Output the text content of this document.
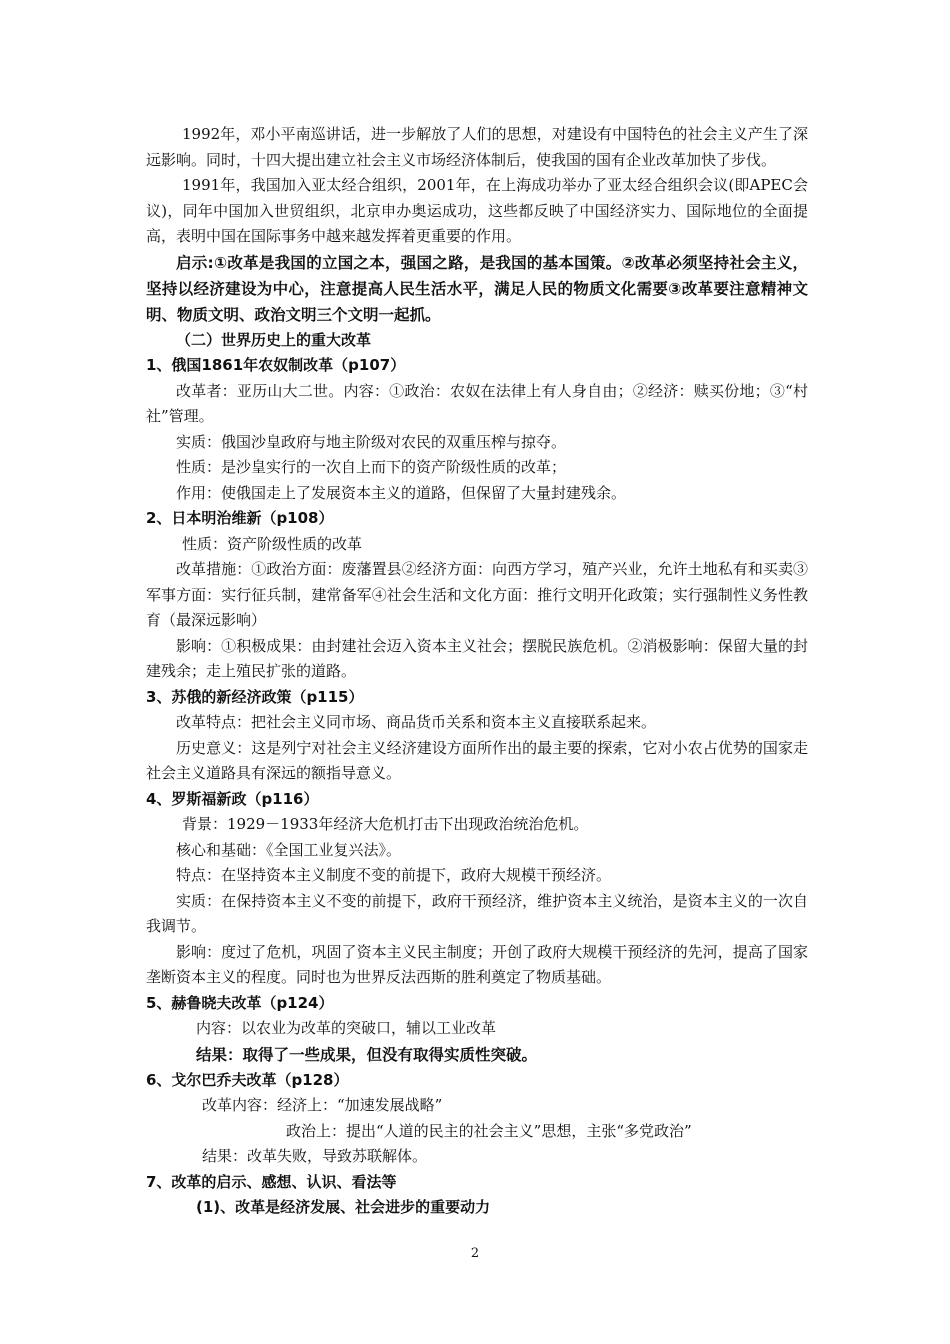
1992年，邓小平南巡讲话，进一步解放了人们的思想，对建设有中国特色的社会主义产生了深远影响。同时，十四大提出建立社会主义市场经济体制后，使我国的国有企业改革加快了步伐。

1991年，我国加入亚太经合组织，2001年，在上海成功举办了亚太经合组织会议(即APEC会议)，同年中国加入世贸组织，北京申办奥运成功，这些都反映了中国经济实力、国际地位的全面提高，表明中国在国际事务中越来越发挥着更重要的作用。

启示:①改革是我国的立国之本，强国之路，是我国的基本国策。②改革必须坚持社会主义，坚持以经济建设为中心，注意提高人民生活水平，满足人民的物质文化需要③改革要注意精神文明、物质文明、政治文明三个文明一起抓。

（二）世界历史上的重大改革

1、俄国1861年农奴制改革（p107）

改革者：亚历山大二世。内容：①政治：农奴在法律上有人身自由；②经济：赎买份地；③“村社”管理。

实质：俄国沙皇政府与地主阶级对农民的双重压榨与掠夺。

性质：是沙皇实行的一次自上而下的资产阶级性质的改革；

作用：使俄国走上了发展资本主义的道路，但保留了大量封建残余。

2、日本明治维新（p108）

性质：资产阶级性质的改革

改革措施：①政治方面：废藩置县②经济方面：向西方学习，殖产兴业，允许土地私有和买卖③军事方面：实行征兵制，建常备军④社会生活和文化方面：推行文明开化政策；实行强制性义务性教育（最深远影响）

影响：①积极成果：由封建社会迈入资本主义社会；摆脱民族危机。②消极影响：保留大量的封建残余；走上殖民扩张的道路。

3、苏俄的新经济政策（p115）

改革特点：把社会主义同市场、商品货币关系和资本主义直接联系起来。

历史意义：这是列宁对社会主义经济建设方面所作出的最主要的探索，它对小农占优势的国家走社会主义道路具有深远的额指导意义。

4、罗斯福新政（p116）

背景：1929－1933年经济大危机打击下出现政治统治危机。

核心和基础：《全国工业复兴法》。

特点：在坚持资本主义制度不变的前提下，政府大规模干预经济。

实质：在保持资本主义不变的前提下，政府干预经济，维护资本主义统治，是资本主义的一次自我调节。

影响：度过了危机，巩固了资本主义民主制度；开创了政府大规模干预经济的先河，提高了国家垄断资本主义的程度。同时也为世界反法西斯的胜利奠定了物质基础。

5、赫鲁晓夫改革（p124）

内容：以农业为改革的突破口，辅以工业改革

结果：取得了一些成果，但没有取得实质性突破。

6、戈尔巴乔夫改革（p128）

改革内容：经济上：“加速发展战略”

政治上：提出“人道的民主的社会主义”思想，主张“多党政治”

结果：改革失败，导致苏联解体。

7、改革的启示、感想、认识、看法等

(1)、改革是经济发展、社会进步的重要动力

2
